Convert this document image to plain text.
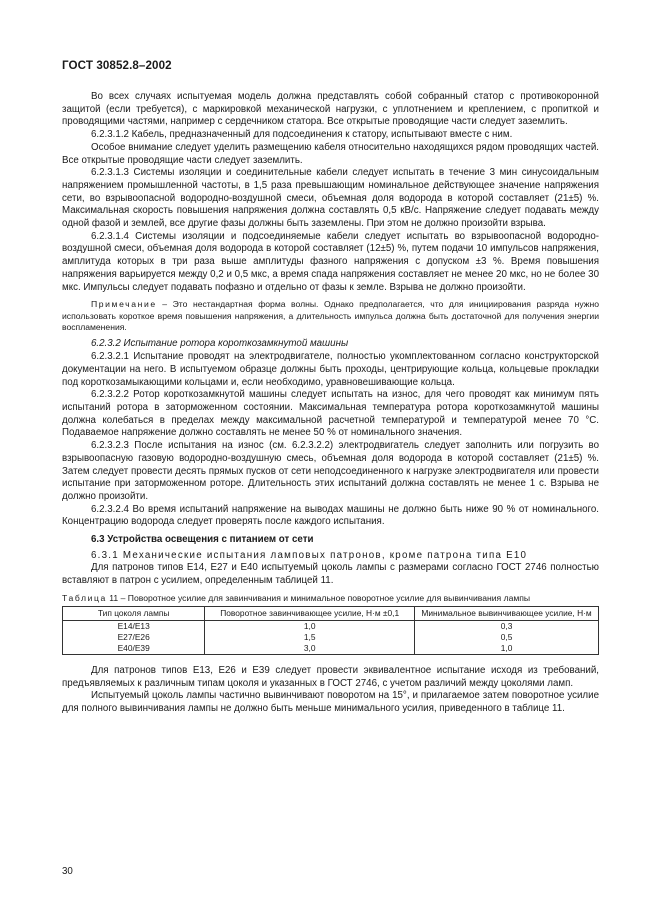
ГОСТ 30852.8–2002

Во всех случаях испытуемая модель должна представлять собой собранный статор с противокоронной защитой (если требуется), с маркировкой механической нагрузки, с уплотнением и креплением, с пропиткой и проводящими частями, например с сердечником статора. Все открытые проводящие части следует заземлить.

6.2.3.1.2 Кабель, предназначенный для подсоединения к статору, испытывают вместе с ним.

Особое внимание следует уделить размещению кабеля относительно находящихся рядом проводящих частей. Все открытые проводящие части следует заземлить.

6.2.3.1.3 Системы изоляции и соединительные кабели следует испытать в течение 3 мин синусоидальным напряжением промышленной частоты, в 1,5 раза превышающим номинальное действующее значение напряжения сети, во взрывоопасной водородно-воздушной смеси, объемная доля водорода в которой составляет (21±5) %. Максимальная скорость повышения напряжения должна составлять 0,5 кВ/с. Напряжение следует подавать между одной фазой и землей, все другие фазы должны быть заземлены. При этом не должно произойти взрыва.

6.2.3.1.4 Системы изоляции и подсоединяемые кабели следует испытать во взрывоопасной водородно-воздушной смеси, объемная доля водорода в которой составляет (12±5) %, путем подачи 10 импульсов напряжения, амплитуда которых в три раза выше амплитуды фазного напряжения с допуском ±3 %. Время повышения напряжения варьируется между 0,2 и 0,5 мкс, а время спада напряжения составляет не менее 20 мкс, но не более 30 мкс. Импульсы следует подавать пофазно и отдельно от фазы к земле. Взрыва не должно произойти.

Примечание – Это нестандартная форма волны. Однако предполагается, что для инициирования разряда нужно использовать короткое время повышения напряжения, а длительность импульса должна быть достаточной для получения энергии воспламенения.

6.2.3.2 Испытание ротора короткозамкнутой машины

6.2.3.2.1 Испытание проводят на электродвигателе, полностью укомплектованном согласно конструкторской документации на него. В испытуемом образце должны быть проходы, центрирующие кольца, кольцевые прокладки под короткозамыкающими кольцами и, если необходимо, уравновешивающие кольца.

6.2.3.2.2 Ротор короткозамкнутой машины следует испытать на износ, для чего проводят как минимум пять испытаний ротора в заторможенном состоянии. Максимальная температура ротора короткозамкнутой машины должна колебаться в пределах между максимальной расчетной температурой и температурой менее 70 °С. Подаваемое напряжение должно составлять не менее 50 % от номинального значения.

6.2.3.2.3 После испытания на износ (см. 6.2.3.2.2) электродвигатель следует заполнить или погрузить во взрывоопасную газовую водородно-воздушную смесь, объемная доля водорода в которой составляет (21±5) %. Затем следует провести десять прямых пусков от сети неподсоединенного к нагрузке электродвигателя или провести испытание при заторможенном роторе. Длительность этих испытаний должна составлять не менее 1 с. Взрыва не должно произойти.

6.2.3.2.4 Во время испытаний напряжение на выводах машины не должно быть ниже 90 % от номинального. Концентрацию водорода следует проверять после каждого испытания.

6.3 Устройства освещения с питанием от сети

6.3.1 Механические испытания ламповых патронов, кроме патрона типа Е10

Для патронов типов Е14, Е27 и Е40 испытуемый цоколь лампы с размерами согласно ГОСТ 2746 полностью вставляют в патрон с усилием, определенным таблицей 11.

Таблица 11 – Поворотное усилие для завинчивания и минимальное поворотное усилие для вывинчивания лампы

Тип цоколя лампы	Поворотное завинчивающее усилие, Н·м ±0,1	Минимальное вывинчивающее усилие, Н·м
Е14/Е13	1,0	0,3
Е27/Е26	1,5	0,5
Е40/Е39	3,0	1,0

Для патронов типов Е13, Е26 и Е39 следует провести эквивалентное испытание исходя из требований, предъявляемых к различным типам цоколя и указанных в ГОСТ 2746, с учетом различий между цоколями ламп.

Испытуемый цоколь лампы частично вывинчивают поворотом на 15°, и прилагаемое затем поворотное усилие для полного вывинчивания лампы не должно быть меньше минимального усилия, приведенного в таблице 11.

30
